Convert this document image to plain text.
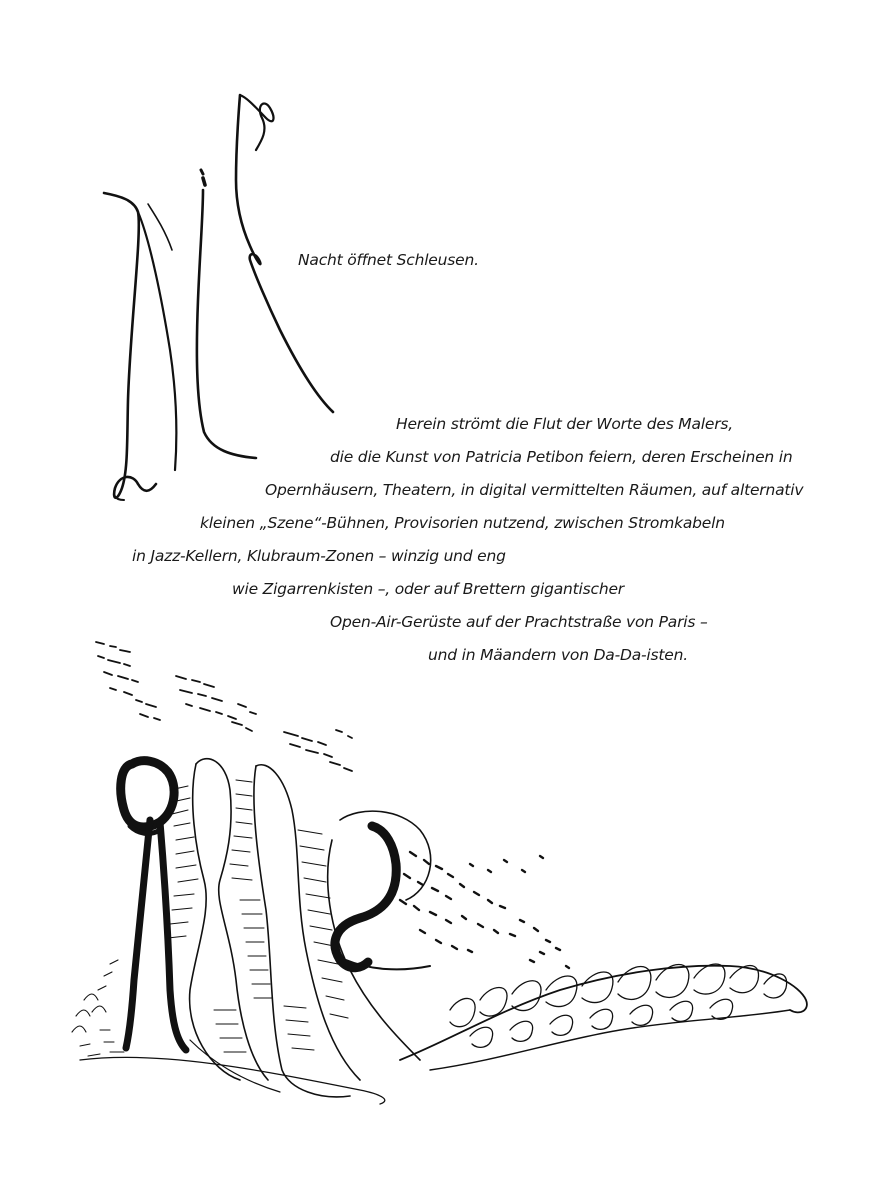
Nacht öffnet Schleusen.
Herein strömt die Flut der Worte des Malers,
die die Kunst von Patricia Petibon feiern, deren Erscheinen in
Opernhäusern, Theatern, in digital vermittelten Räumen, auf alternativ
kleinen „Szene“-Bühnen, Provisorien nutzend, zwischen Stromkabeln
in Jazz-Kellern, Klubraum-Zonen – winzig und eng
wie Zigarrenkisten –, oder auf Brettern gigantischer
Open-Air-Gerüste auf der Prachtstraße von Paris –
und in Mäandern von Da-Da-isten.
